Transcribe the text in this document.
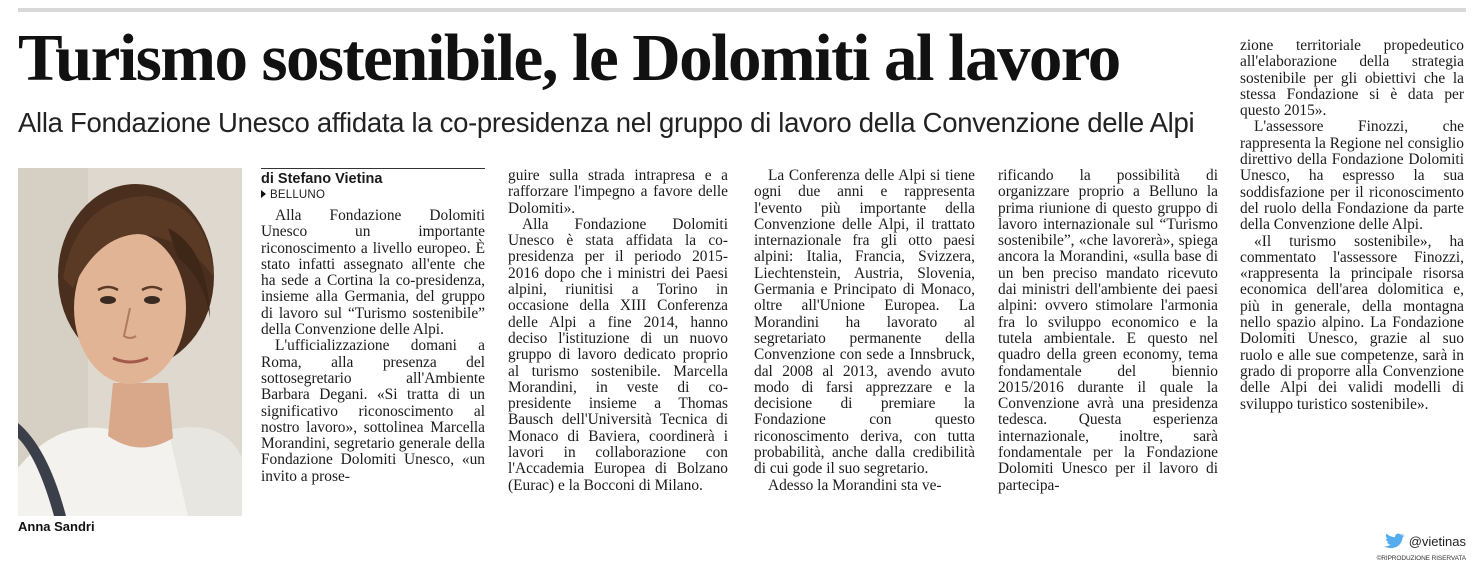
Turismo sostenibile, le Dolomiti al lavoro
Alla Fondazione Unesco affidata la co-presidenza nel gruppo di lavoro della Convenzione delle Alpi
Anna Sandri
di Stefano Vietina
BELLUNO

Alla Fondazione Dolomiti Unesco un importante riconoscimento a livello europeo. È stato infatti assegnato all'ente che ha sede a Cortina la co-presidenza, insieme alla Germania, del gruppo di lavoro sul “Turismo sostenibile” della Convenzione delle Alpi.

L'ufficializzazione domani a Roma, alla presenza del sottosegretario all'Ambiente Barbara Degani. «Si tratta di un significativo riconoscimento al nostro lavoro», sottolinea Marcella Morandini, segretario generale della Fondazione Dolomiti Unesco, «un invito a prose-

guire sulla strada intrapresa e a rafforzare l'impegno a favore delle Dolomiti».

Alla Fondazione Dolomiti Unesco è stata affidata la co-presidenza per il periodo 2015-2016 dopo che i ministri dei Paesi alpini, riunitisi a Torino in occasione della XIII Conferenza delle Alpi a fine 2014, hanno deciso l'istituzione di un nuovo gruppo di lavoro dedicato proprio al turismo sostenibile. Marcella Morandini, in veste di co-presidente insieme a Thomas Bausch dell'Università Tecnica di Monaco di Baviera, coordinerà i lavori in collaborazione con l'Accademia Europea di Bolzano (Eurac) e la Bocconi di Milano.

La Conferenza delle Alpi si tiene ogni due anni e rappresenta l'evento più importante della Convenzione delle Alpi, il trattato internazionale fra gli otto paesi alpini: Italia, Francia, Svizzera, Liechtenstein, Austria, Slovenia, Germania e Principato di Monaco, oltre all'Unione Europea. La Morandini ha lavorato al segretariato permanente della Convenzione con sede a Innsbruck, dal 2008 al 2013, avendo avuto modo di farsi apprezzare e la decisione di premiare la Fondazione con questo riconoscimento deriva, con tutta probabilità, anche dalla credibilità di cui gode il suo segretario.

Adesso la Morandini sta ve-

rificando la possibilità di organizzare proprio a Belluno la prima riunione di questo gruppo di lavoro internazionale sul “Turismo sostenibile”, «che lavorerà», spiega ancora la Morandini, «sulla base di un ben preciso mandato ricevuto dai ministri dell'ambiente dei paesi alpini: ovvero stimolare l'armonia fra lo sviluppo economico e la tutela ambientale. E questo nel quadro della green economy, tema fondamentale del biennio 2015/2016 durante il quale la Convenzione avrà una presidenza tedesca. Questa esperienza internazionale, inoltre, sarà fondamentale per la Fondazione Dolomiti Unesco per il lavoro di partecipa-

zione territoriale propedeutico all'elaborazione della strategia sostenibile per gli obiettivi che la stessa Fondazione si è data per questo 2015».

L'assessore Finozzi, che rappresenta la Regione nel consiglio direttivo della Fondazione Dolomiti Unesco, ha espresso la sua soddisfazione per il riconoscimento del ruolo della Fondazione da parte della Convenzione delle Alpi.

«Il turismo sostenibile», ha commentato l'assessore Finozzi, «rappresenta la principale risorsa economica dell'area dolomitica e, più in generale, della montagna nello spazio alpino. La Fondazione Dolomiti Unesco, grazie al suo ruolo e alle sue competenze, sarà in grado di proporre alla Convenzione delle Alpi dei validi modelli di sviluppo turistico sostenibile».

@vietinas
©RIPRODUZIONE RISERVATA
